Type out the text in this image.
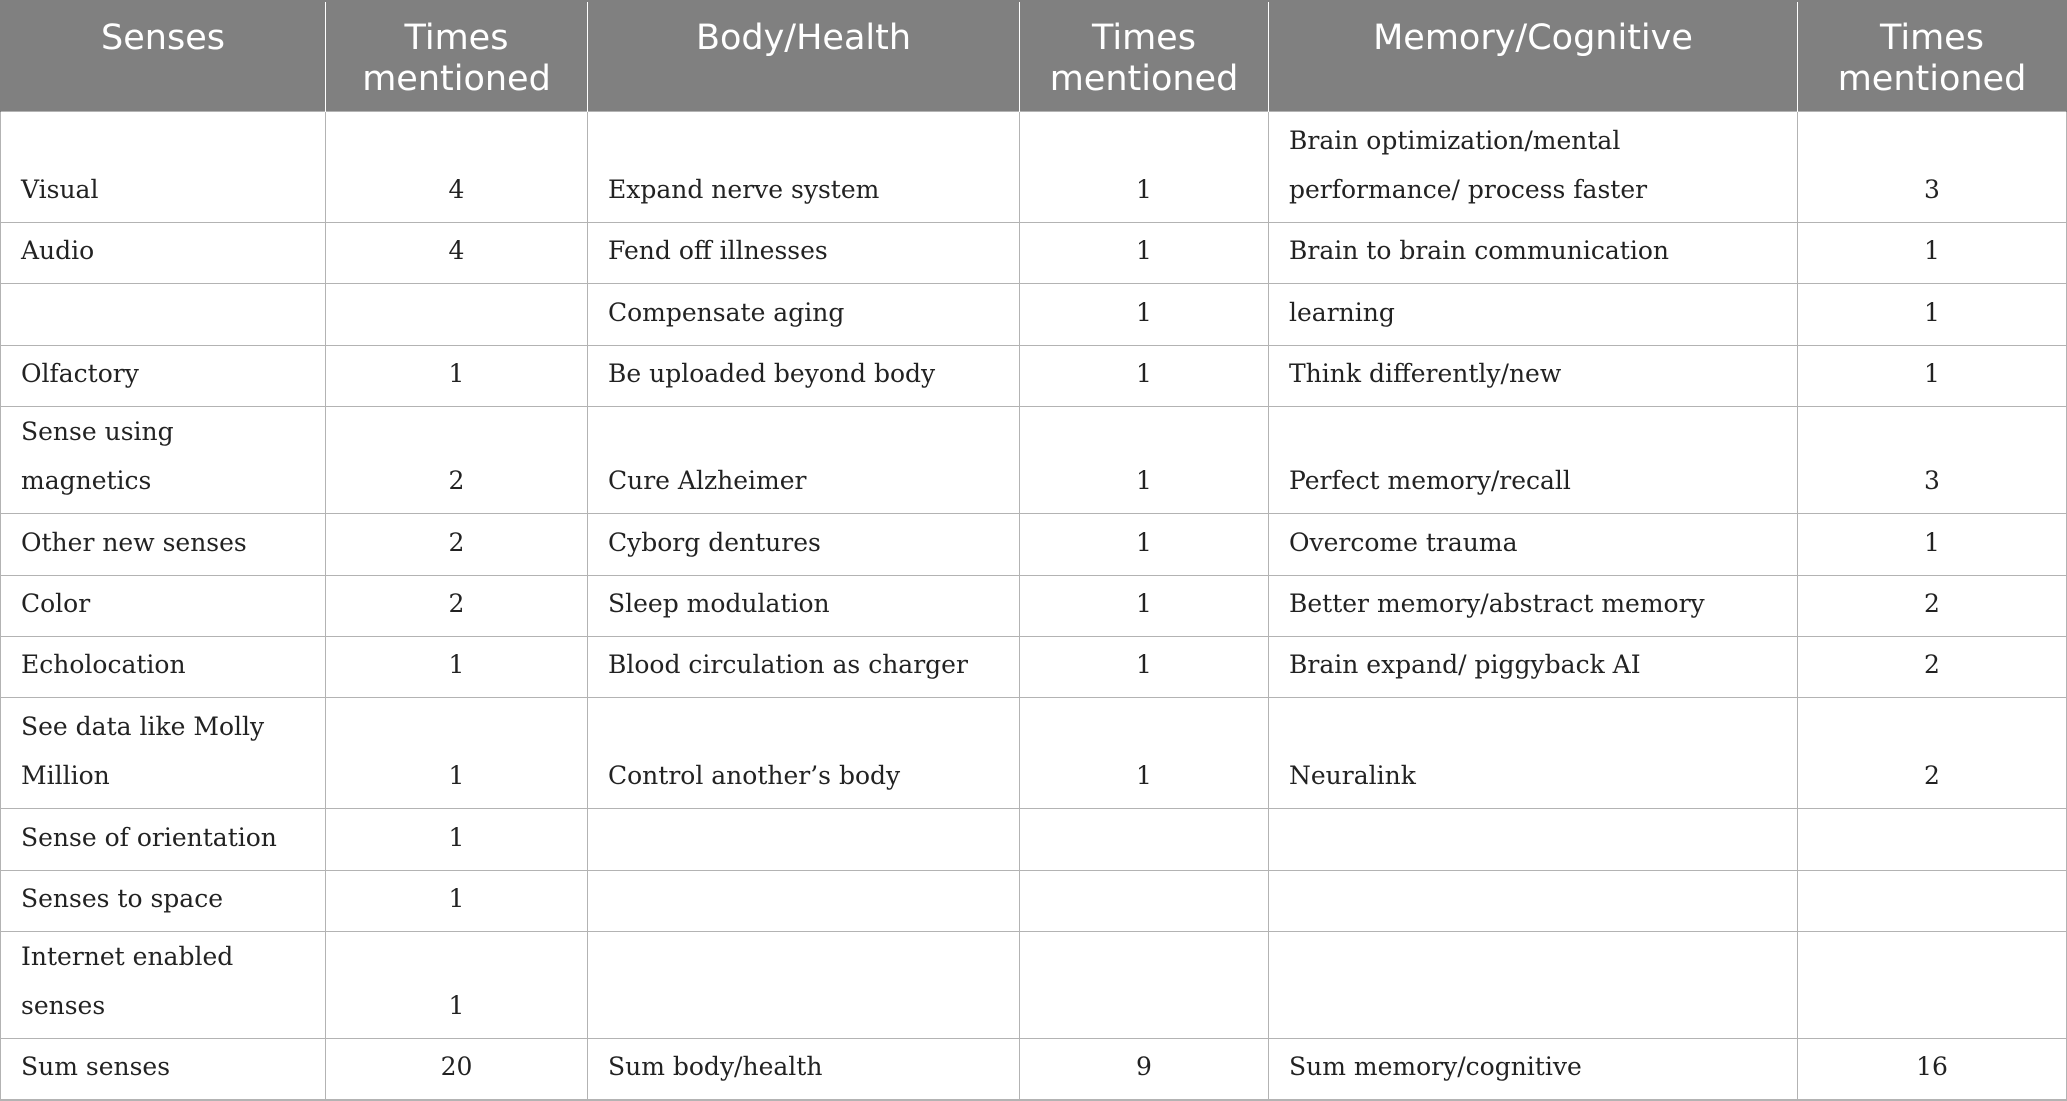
Senses	Times mentioned	Body/Health	Times mentioned	Memory/Cognitive	Times mentioned
Visual	4	Expand nerve system	1	Brain optimization/mental performance/ process faster	3
Audio	4	Fend off illnesses	1	Brain to brain communication	1
		Compensate aging	1	learning	1
Olfactory	1	Be uploaded beyond body	1	Think differently/new	1
Sense using magnetics	2	Cure Alzheimer	1	Perfect memory/recall	3
Other new senses	2	Cyborg dentures	1	Overcome trauma	1
Color	2	Sleep modulation	1	Better memory/abstract memory	2
Echolocation	1	Blood circulation as charger	1	Brain expand/ piggyback AI	2
See data like Molly Million	1	Control another’s body	1	Neuralink	2
Sense of orientation	1				
Senses to space	1				
Internet enabled senses	1				
Sum senses	20	Sum body/health	9	Sum memory/cognitive	16
